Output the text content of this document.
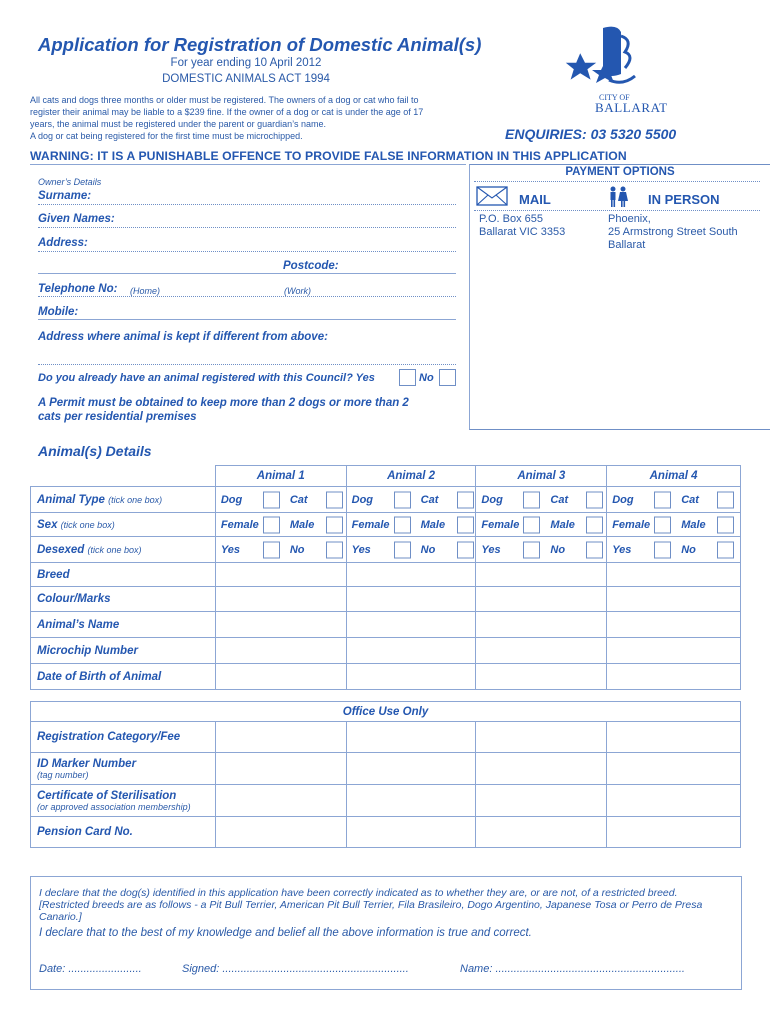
Application for Registration of Domestic Animal(s)
For year ending 10 April 2012
DOMESTIC ANIMALS ACT 1994
All cats and dogs three months or older must be registered. The owners of a dog or cat who fail to
register their animal may be liable to a $239 fine. If the owner of a dog or cat is under the age of 17
years, the animal must be registered under the parent or guardian’s name.
A dog or cat being registered for the first time must be microchipped.
CITY OF
BALLARAT
ENQUIRIES: 03 5320 5500
WARNING: IT IS A PUNISHABLE OFFENCE TO PROVIDE FALSE INFORMATION IN THIS APPLICATION
Owner’s Details
Surname:
Given Names:
Address:
Postcode:
Telephone No: (Home)	(Work)
Mobile:
Address where animal is kept if different from above:
Do you already have an animal registered with this Council? Yes	No
A Permit must be obtained to keep more than 2 dogs or more than 2
cats per residential premises
PAYMENT OPTIONS
MAIL	IN PERSON
P.O. Box 655
Ballarat VIC 3353
Phoenix,
25 Armstrong Street South
Ballarat
Animal(s) Details
	Animal 1	Animal 2	Animal 3	Animal 4
Animal Type (tick one box)	Dog Cat	Dog Cat	Dog Cat	Dog Cat

Sex (tick one box)	Female Male	Female Male	Female Male	Female Male

Desexed (tick one box)	Yes No	Yes No	Yes No	Yes No

Breed				
Colour/Marks				
Animal’s Name				
Microchip Number				
Date of Birth of Animal				
Office Use Only				
Registration Category/Fee				

ID Marker Number
(tag number)				

Certificate of Sterilisation
(or approved association membership)				

Pension Card No.				
I declare that the dog(s) identified in this application have been correctly indicated as to whether they are, or are not, of a restricted breed.
[Restricted breeds are as follows - a Pit Bull Terrier, American Pit Bull Terrier, Fila Brasileiro, Dogo Argentino, Japanese Tosa or Perro de Presa
Canario.]
I declare that to the best of my knowledge and belief all the above information is true and correct.
Date: ........................	Signed: .............................................................	Name: ..............................................................
